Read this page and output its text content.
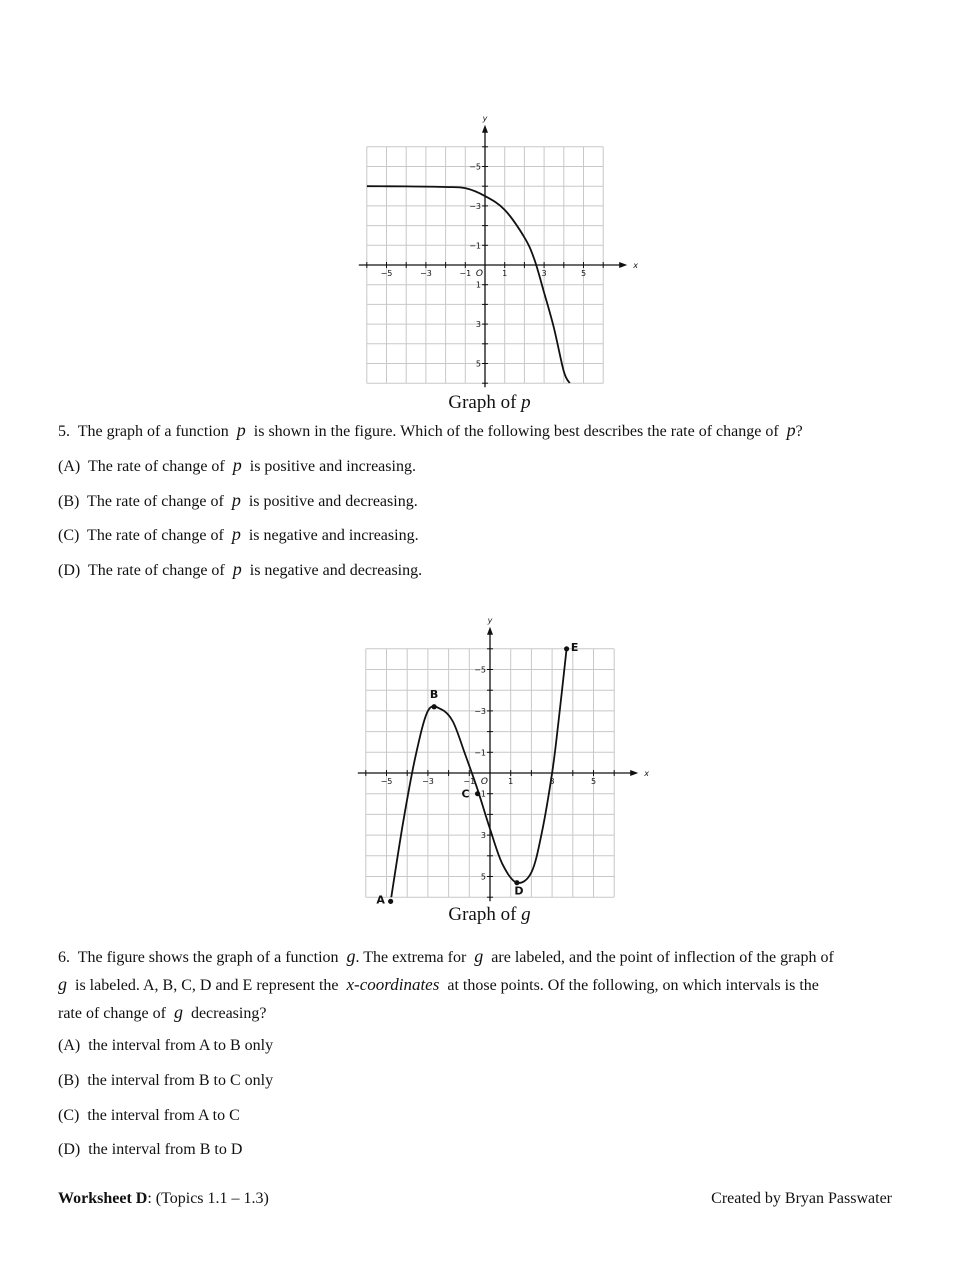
−5	−3	−1	1	3	5
5
3
1
−1
−3
−5
O
x
y
Graph of p
5. The graph of a function p is shown in the figure. Which of the following best describes the rate of change of p?
(A) The rate of change of p is positive and increasing.
(B) The rate of change of p is positive and decreasing.
(C) The rate of change of p is negative and increasing.
(D) The rate of change of p is negative and decreasing.
−5	−3	−1	1	3	5
5
3
1
−1
−3
−5
O
x
y
A
B
C
D
E
Graph of g
6. The figure shows the graph of a function g. The extrema for g are labeled, and the point of inflection of the graph of
g is labeled. A, B, C, D and E represent the x-coordinates at those points. Of the following, on which intervals is the
rate of change of g decreasing?
(A) the interval from A to B only
(B) the interval from B to C only
(C) the interval from A to C
(D) the interval from B to D
Worksheet D: (Topics 1.1 – 1.3)	Created by Bryan Passwater
